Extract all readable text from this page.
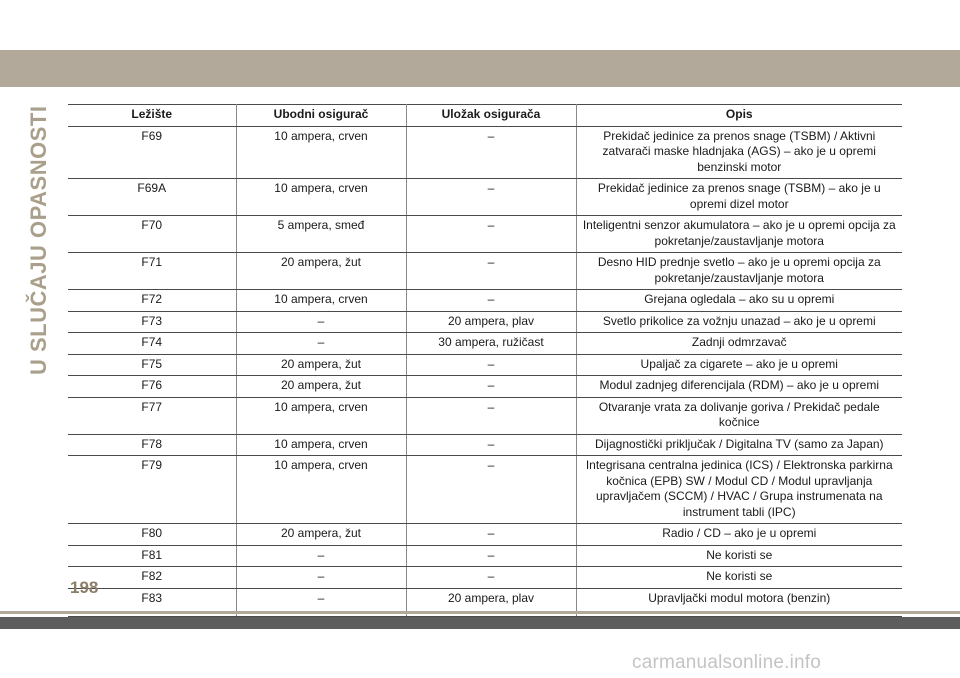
U SLUČAJU OPASNOSTI	Ležište	Ubodni osigurač	Uložak osigurača	Opis
F69	10 ampera, crven	–	Prekidač jedinice za prenos snage (TSBM) / Aktivni zatvarači maske hladnjaka (AGS) – ako je u opremi benzinski motor
F69A	10 ampera, crven	–	Prekidač jedinice za prenos snage (TSBM) – ako je u opremi dizel motor
F70	5 ampera, smeđ	–	Inteligentni senzor akumulatora – ako je u opremi opcija za pokretanje/zaustavljanje motora
F71	20 ampera, žut	–	Desno HID prednje svetlo – ako je u opremi opcija za pokretanje/zaustavljanje motora
F72	10 ampera, crven	–	Grejana ogledala – ako su u opremi
F73	–	20 ampera, plav	Svetlo prikolice za vožnju unazad – ako je u opremi
F74	–	30 ampera, ružičast	Zadnji odmrzavač
F75	20 ampera, žut	–	Upaljač za cigarete – ako je u opremi
F76	20 ampera, žut	–	Modul zadnjeg diferencijala (RDM) – ako je u opremi
F77	10 ampera, crven	–	Otvaranje vrata za dolivanje goriva / Prekidač pedale kočnice
F78	10 ampera, crven	–	Dijagnostički priključak / Digitalna TV (samo za Japan)
F79	10 ampera, crven	–	Integrisana centralna jedinica (ICS) / Elektronska parkirna kočnica (EPB) SW / Modul CD / Modul upravljanja upravljačem (SCCM) / HVAC / Grupa instrumenata na instrument tabli (IPC)
F80	20 ampera, žut	–	Radio / CD – ako je u opremi
F81	–	–	Ne koristi se
F82	–	–	Ne koristi se
F83	–	20 ampera, plav	Upravljački modul motora (benzin)
198
carmanualsonline.info
